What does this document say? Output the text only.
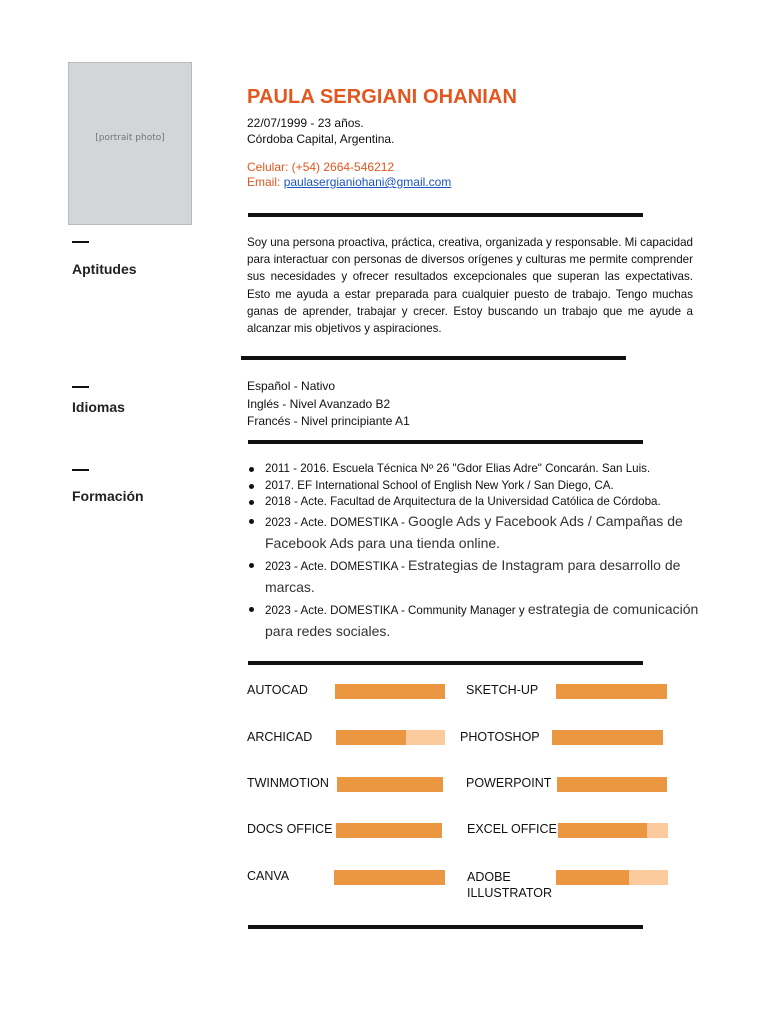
[portrait photo]
PAULA SERGIANI OHANIAN
22/07/1999 - 23 años.
Córdoba Capital, Argentina.
Celular: (+54) 2664-546212
Email: paulasergianiohani@gmail.com
Aptitudes
Soy una persona proactiva, práctica, creativa, organizada y responsable. Mi capacidad para interactuar con personas de diversos orígenes y culturas me permite comprender sus necesidades y ofrecer resultados excepcionales que superan las expectativas. Esto me ayuda a estar preparada para cualquier puesto de trabajo. Tengo muchas ganas de aprender, trabajar y crecer. Estoy buscando un trabajo que me ayude a alcanzar mis objetivos y aspiraciones.
Idiomas
Español - Nativo
Inglés - Nivel Avanzado B2
Francés - Nivel principiante A1
Formación
2011 - 2016. Escuela Técnica Nº 26 "Gdor Elias Adre" Concarán. San Luis.
2017. EF International School of English New York / San Diego, CA.
2018 - Acte. Facultad de Arquitectura de la Universidad Católica de Córdoba.
2023 - Acte. DOMESTIKA - Google Ads y Facebook Ads / Campañas de Facebook Ads para una tienda online.
2023 - Acte. DOMESTIKA - Estrategias de Instagram para desarrollo de marcas.
2023 - Acte. DOMESTIKA - Community Manager y estrategia de comunicación para redes sociales.
AUTOCAD	SKETCH-UP
ARCHICAD	PHOTOSHOP
TWINMOTION	POWERPOINT
DOCS OFFICE	EXCEL OFFICE
CANVA	ADOBE ILLUSTRATOR
